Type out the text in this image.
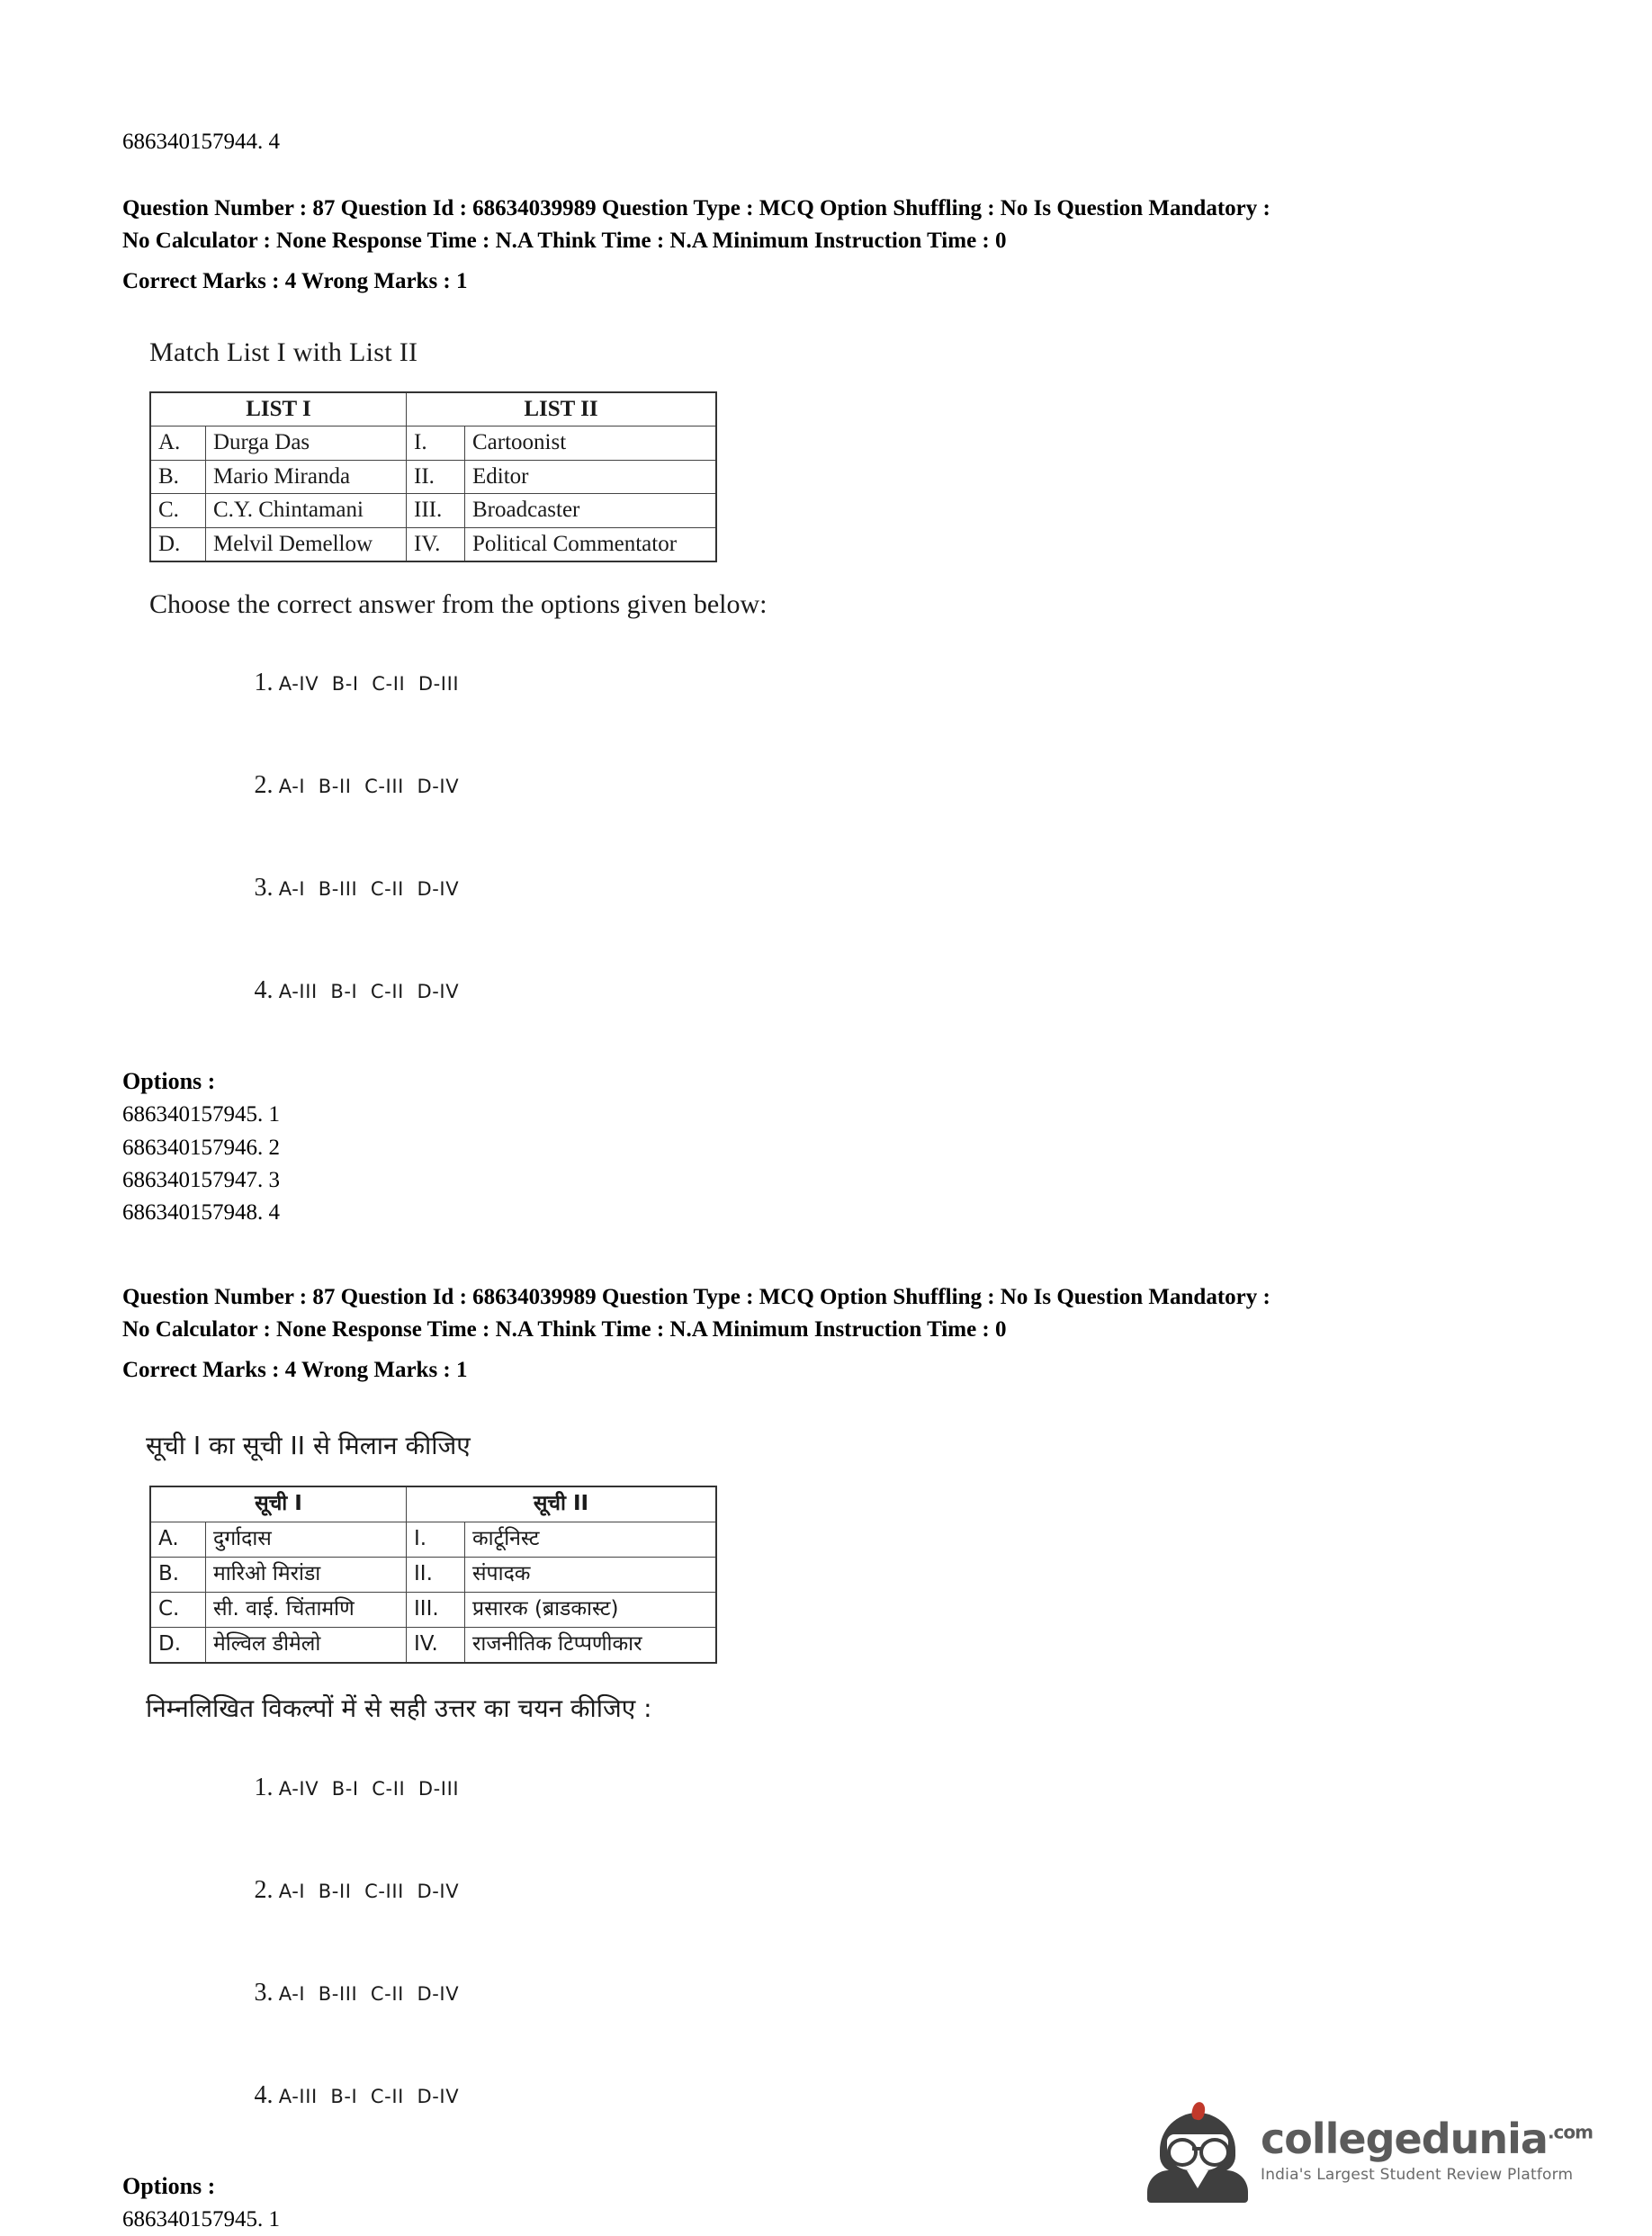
686340157944. 4
Question Number : 87 Question Id : 68634039989 Question Type : MCQ Option Shuffling : No Is Question Mandatory :
No Calculator : None Response Time : N.A Think Time : N.A Minimum Instruction Time : 0
Correct Marks : 4 Wrong Marks : 1
Match List I with List II
LIST I		LIST II	
A.	Durga Das	I.	Cartoonist
B.	Mario Miranda	II.	Editor
C.	C.Y. Chintamani	III.	Broadcaster
D.	Melvil Demellow	IV.	Political Commentator
Choose the correct answer from the options given below:

1. A-IV  B-I  C-II  D-III

2. A-I  B-II  C-III  D-IV

3. A-I  B-III  C-II  D-IV

4. A-III  B-I  C-II  D-IV

Options :
686340157945. 1
686340157946. 2
686340157947. 3
686340157948. 4
Question Number : 87 Question Id : 68634039989 Question Type : MCQ Option Shuffling : No Is Question Mandatory :
No Calculator : None Response Time : N.A Think Time : N.A Minimum Instruction Time : 0
Correct Marks : 4 Wrong Marks : 1
सूची I का सूची II से मिलान कीजिए
सूची I		सूची II	
A.	दुर्गादास	I.	कार्टूनिस्ट
B.	मारिओ मिरांडा	II.	संपादक
C.	सी. वाई. चिंतामणि	III.	प्रसारक (ब्राडकास्ट)
D.	मेल्विल डीमेलो	IV.	राजनीतिक टिप्पणीकार
निम्नलिखित विकल्पों में से सही उत्तर का चयन कीजिए :

1. A-IV  B-I  C-II  D-III

2. A-I  B-II  C-III  D-IV

3. A-I  B-III  C-II  D-IV

4. A-III  B-I  C-II  D-IV

Options :
686340157945. 1
collegedunia$^{.com}$
India's Largest Student Review Platform
